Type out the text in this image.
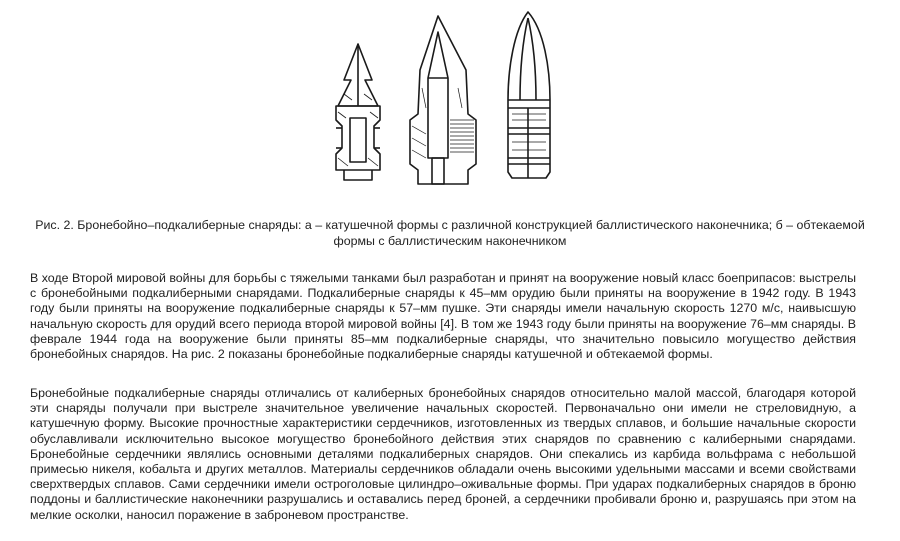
Рис. 2. Бронебойно–подкалиберные снаряды: а – катушечной формы с различной конструкцией баллистического наконечника; б – обтекаемой формы с баллистическим наконечником

В ходе Второй мировой войны для борьбы с тяжелыми танками был разработан и принят на вооружение новый класс боеприпасов: выстрелы с бронебойными подкалиберными снарядами. Подкалиберные снаряды к 45–мм орудию были приняты на вооружение в 1942 году. В 1943 году были приняты на вооружение подкалиберные снаряды к 57–мм пушке. Эти снаряды имели начальную скорость 1270 м/с, наивысшую начальную скорость для орудий всего периода второй мировой войны [4]. В том же 1943 году были приняты на вооружение 76–мм снаряды. В феврале 1944 года на вооружение были приняты 85–мм подкалиберные снаряды, что значительно повысило могущество действия бронебойных снарядов. На рис. 2 показаны бронебойные подкалиберные снаряды катушечной и обтекаемой формы.

Бронебойные подкалиберные снаряды отличались от калиберных бронебойных снарядов относительно малой массой, благодаря которой эти снаряды получали при выстреле значительное увеличение начальных скоростей. Первоначально они имели не стреловидную, а катушечную форму. Высокие прочностные характеристики сердечников, изготовленных из твердых сплавов, и большие начальные скорости обуславливали исключительно высокое могущество бронебойного действия этих снарядов по сравнению с калиберными снарядами. Бронебойные сердечники являлись основными деталями подкалиберных снарядов. Они спекались из карбида вольфрама с небольшой примесью никеля, кобальта и других металлов. Материалы сердечников обладали очень высокими удельными массами и всеми свойствами сверхтвердых сплавов. Сами сердечники имели остроголовые цилиндро–оживальные формы. При ударах подкалиберных снарядов в броню поддоны и баллистические наконечники разрушались и оставались перед броней, а сердечники пробивали броню и, разрушаясь при этом на мелкие осколки, наносил поражение в заброневом пространстве.
